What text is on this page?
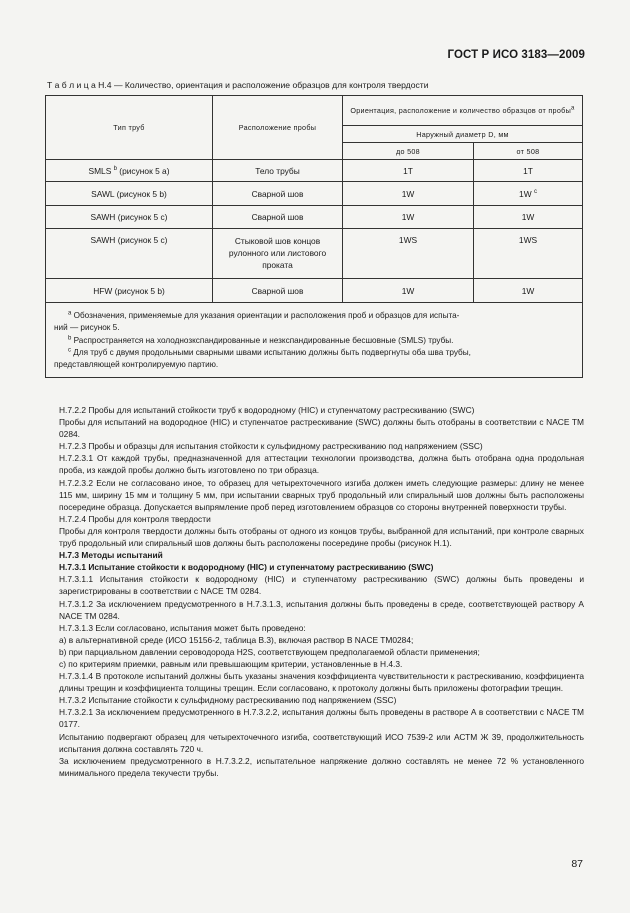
ГОСТ Р ИСО 3183—2009
Т а б л и ц а Н.4 — Количество, ориентация и расположение образцов для контроля твердости
Тип труб	Расположение пробы	Ориентация, расположение и количество образцов от пробы$^a$
		Наружный диаметр D, мм	
		до 508	от 508
SMLS $^b$ (рисунок 5 a)	Тело трубы	1T	1T
SAWL (рисунок 5 b)	Сварной шов	1W	1W $^c$
SAWH (рисунок 5 c)	Сварной шов	1W	1W
SAWH (рисунок 5 c)	Стыковой шов концов рулонного или листового проката	1WS	1WS
HFW (рисунок 5 b)	Сварной шов	1W	1W

$^a$ Обозначения, применяемые для указания ориентации и расположения проб и образцов для испыта-

ний — рисунок 5.

$^b$ Распространяется на холоднозкспандированные и незкспандированные бесшовные (SMLS) трубы.

$^c$ Для труб с двумя продольными сварными швами испытанию должны быть подвергнуты оба шва трубы,

представляющей контролируемую партию.			

Н.7.2.2 Пробы для испытаний стойкости труб к водородному (HIC) и ступенчатому растрескиванию (SWC)

Пробы для испытаний на водородное (HIC) и ступенчатое растрескивание (SWC) должны быть отобраны в соответствии с NACE TM 0284.

Н.7.2.3 Пробы и образцы для испытания стойкости к сульфидному растрескиванию под напряжением (SSC)

Н.7.2.3.1 От каждой трубы, предназначенной для аттестации технологии производства, должна быть отобрана одна продольная проба, из каждой пробы должно быть изготовлено по три образца.

Н.7.2.3.2 Если не согласовано иное, то образец для четырехточечного изгиба должен иметь следующие размеры: длину не менее 115 мм, ширину 15 мм и толщину 5 мм, при испытании сварных труб продольный или спиральный шов должны быть расположены посередине образца. Допускается выпрямление проб перед изготовлением образцов со стороны внутренней поверхности трубы.

Н.7.2.4 Пробы для контроля твердости

Пробы для контроля твердости должны быть отобраны от одного из концов трубы, выбранной для испытаний, при контроле сварных труб продольный или спиральный шов должны быть расположены посередине пробы (рисунок Н.1).

Н.7.3 Методы испытаний

Н.7.3.1 Испытание стойкости к водородному (HIC) и ступенчатому растрескиванию (SWC)

Н.7.3.1.1 Испытания стойкости к водородному (HIC) и ступенчатому растрескиванию (SWC) должны быть проведены и зарегистрированы в соответствии с NACE TM 0284.

Н.7.3.1.2 За исключением предусмотренного в Н.7.3.1.3, испытания должны быть проведены в среде, соответствующей раствору А NACE TM 0284.

Н.7.3.1.3 Если согласовано, испытания может быть проведено:

а) в альтернативной среде (ИСО 15156-2, таблица В.3), включая раствор В NACE TM0284;

b) при парциальном давлении сероводорода H2S, соответствующем предполагаемой области применения;

с) по критериям приемки, равным или превышающим критерии, установленные в Н.4.3.

Н.7.3.1.4 В протоколе испытаний должны быть указаны значения коэффициента чувствительности к растрескиванию, коэффициента длины трещин и коэффициента толщины трещин. Если согласовано, к протоколу должны быть приложены фотографии трещин.

Н.7.3.2 Испытание стойкости к сульфидному растрескиванию под напряжением (SSC)

Н.7.3.2.1 За исключением предусмотренного в Н.7.3.2.2, испытания должны быть проведены в растворе А в соответствии с NACE TM 0177.

Испытанию подвергают образец для четырехточечного изгиба, соответствующий ИСО 7539-2 или АСТМ Ж 39, продолжительность испытания должна составлять 720 ч.

За исключением предусмотренного в Н.7.3.2.2, испытательное напряжение должно составлять не менее 72 % установленного минимального предела текучести трубы.

87
